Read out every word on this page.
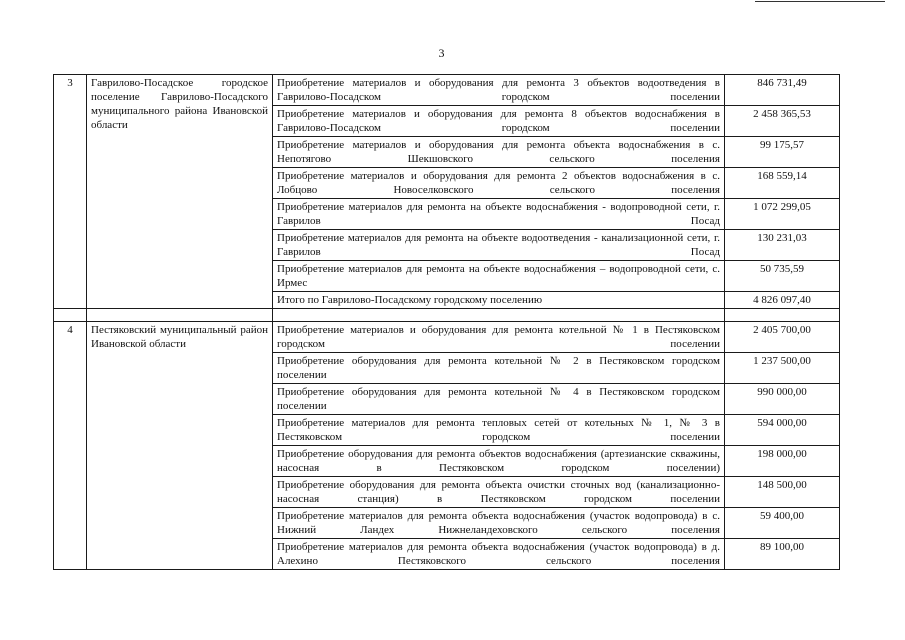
3
3	Гаврилово-Посадское городское поселение Гаврилово-Посадского муниципального района Ивановской области	Приобретение материалов и оборудования для ремонта 3 объектов водоотведения в Гаврилово-Посадском городском поселении	846 731,49
		Приобретение материалов и оборудования для ремонта 8 объектов водоснабжения в Гаврилово-Посадском городском поселении	2 458 365,53
		Приобретение материалов и оборудования для ремонта объекта водоснабжения в с. Непотягово Шекшовского сельского поселения	99 175,57
		Приобретение материалов и оборудования для ремонта 2 объектов водоснабжения в с. Лобцово Новоселковского сельского поселения	168 559,14
		Приобретение материалов для ремонта на объекте водоснабжения - водопроводной сети, г. Гаврилов Посад	1 072 299,05
		Приобретение материалов для ремонта на объекте водоотведения - канализационной сети, г. Гаврилов Посад	130 231,03
		Приобретение материалов для ремонта на объекте водоснабжения – водопроводной сети, с. Ирмес	50 735,59
		Итого по Гаврилово-Посадскому городскому поселению	4 826 097,40

4	Пестяковский муниципальный район Ивановской области	Приобретение материалов и оборудования для ремонта котельной № 1 в Пестяковском городском поселении	2 405 700,00
		Приобретение оборудования для ремонта котельной № 2 в Пестяковском городском поселении	1 237 500,00
		Приобретение оборудования для ремонта котельной № 4 в Пестяковском городском поселении	990 000,00
		Приобретение материалов для ремонта тепловых сетей от котельных № 1, № 3 в Пестяковском городском поселении	594 000,00
		Приобретение оборудования для ремонта объектов водоснабжения (артезианские скважины, насосная в Пестяковском городском поселении)	198 000,00
		Приобретение оборудования для ремонта объекта очистки сточных вод (канализационно-насосная станция) в Пестяковском городском поселении	148 500,00
		Приобретение материалов для ремонта объекта водоснабжения (участок водопровода) в с. Нижний Ландех Нижнеландеховского сельского поселения	59 400,00
		Приобретение материалов для ремонта объекта водоснабжения (участок водопровода) в д. Алехино Пестяковского сельского поселения	89 100,00
